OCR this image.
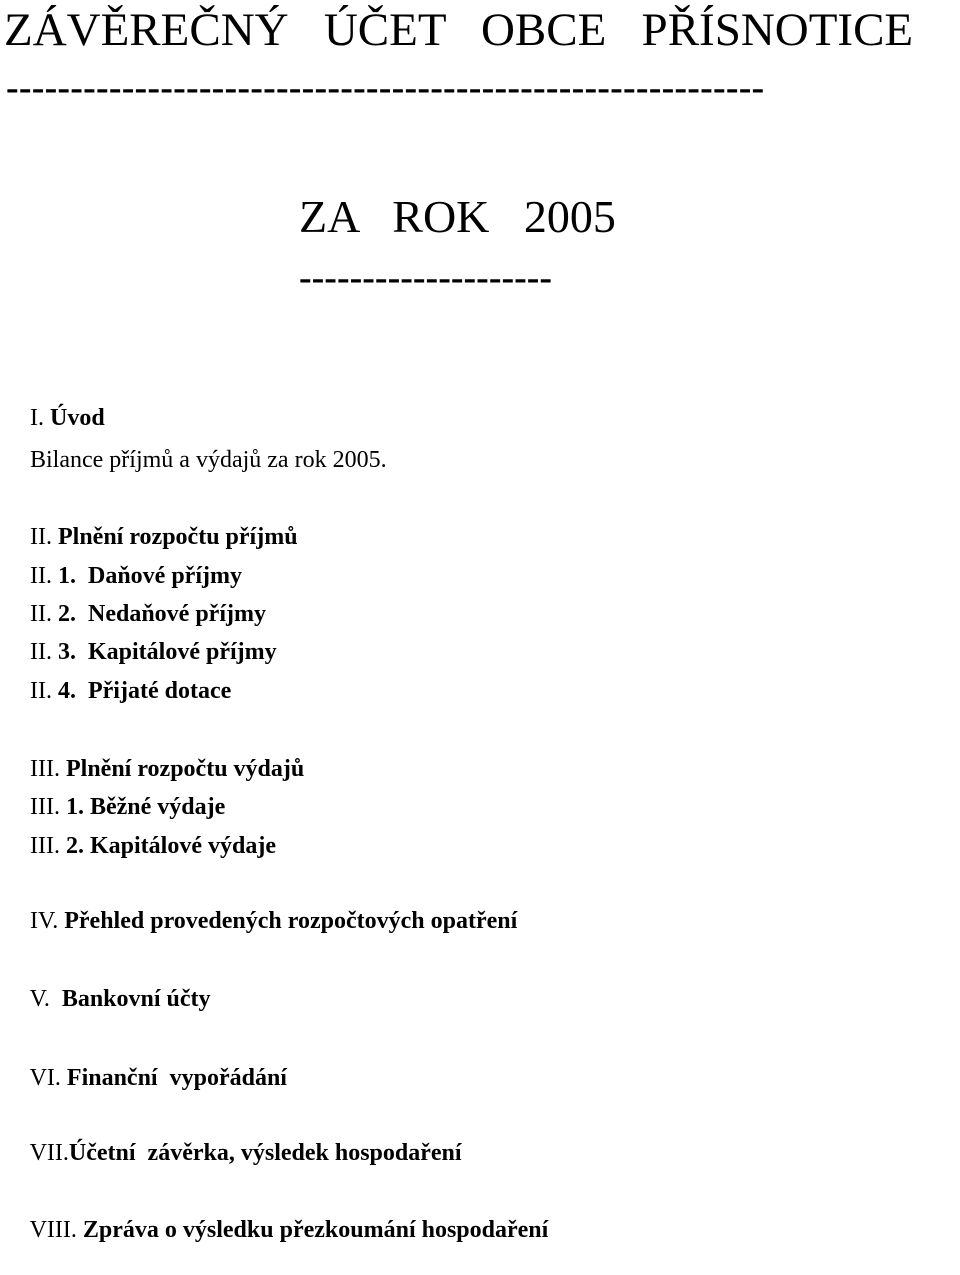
ZÁVĚREČNÝ   ÚČET   OBCE   PŘÍSNOTICE
-----------------------------------------------------------
ZA   ROK   2005
--------------------

I. Úvod

Bilance příjmů a výdajů za rok 2005.

II. Plnění rozpočtu příjmů

II. 1.  Daňové příjmy

II. 2.  Nedaňové příjmy

II. 3.  Kapitálové příjmy

II. 4.  Přijaté dotace

III. Plnění rozpočtu výdajů

III. 1. Běžné výdaje

III. 2. Kapitálové výdaje

IV. Přehled provedených rozpočtových opatření

V.  Bankovní účty

VI. Finanční  vypořádání

VII.Účetní  závěrka, výsledek hospodaření

VIII. Zpráva o výsledku přezkoumání hospodaření
